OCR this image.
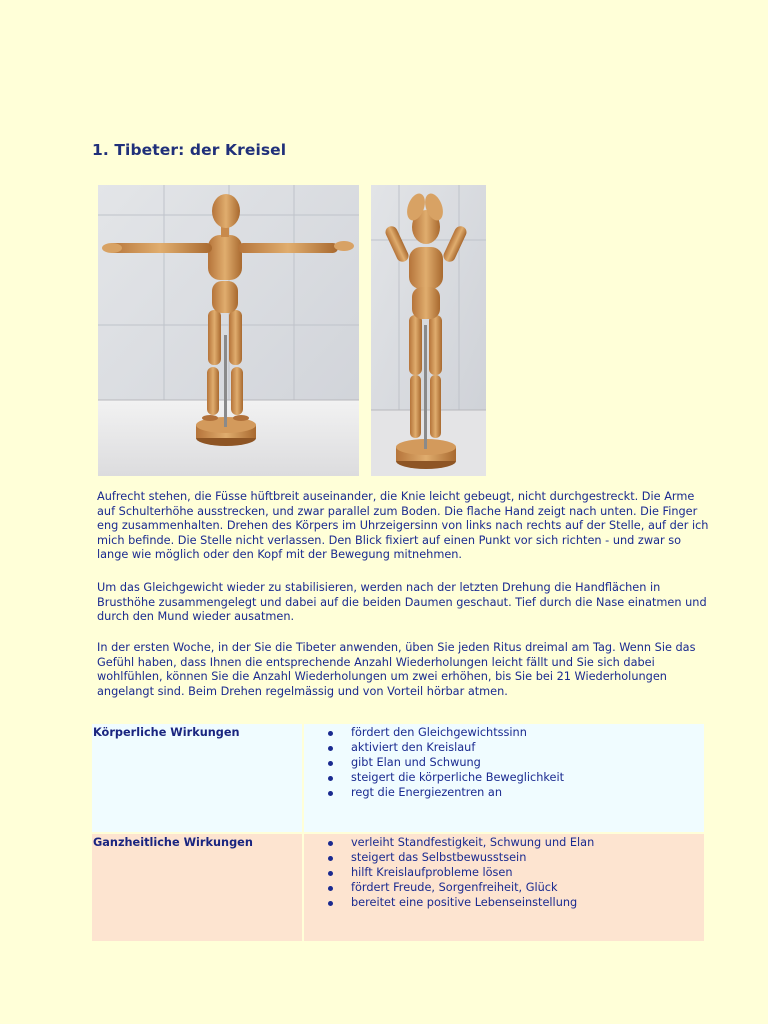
1. Tibeter: der Kreisel

Aufrecht stehen, die Füsse hüftbreit auseinander, die Knie leicht gebeugt, nicht durchgestreckt. Die Arme auf Schulterhöhe ausstrecken, und zwar parallel zum Boden. Die flache Hand zeigt nach unten. Die Finger eng zusammenhalten. Drehen des Körpers im Uhrzeigersinn von links nach rechts auf der Stelle, auf der ich mich befinde. Die Stelle nicht verlassen. Den Blick fixiert auf einen Punkt vor sich richten - und zwar so lange wie möglich oder den Kopf mit der Bewegung mitnehmen.

Um das Gleichgewicht wieder zu stabilisieren, werden nach der letzten Drehung die Handflächen in Brusthöhe zusammengelegt und dabei auf die beiden Daumen geschaut. Tief durch die Nase einatmen und durch den Mund wieder ausatmen.

In der ersten Woche, in der Sie die Tibeter anwenden, üben Sie jeden Ritus dreimal am Tag. Wenn Sie das Gefühl haben, dass Ihnen die entsprechende Anzahl Wiederholungen leicht fällt und Sie sich dabei wohlfühlen, können Sie die Anzahl Wiederholungen um zwei erhöhen, bis Sie bei 21 Wiederholungen angelangt sind. Beim Drehen regelmässig und von Vorteil hörbar atmen.

Körperliche Wirkungen	fördert den Gleichgewichtssinn
aktiviert den Kreislauf
gibt Elan und Schwung
steigert die körperliche Beweglichkeit
regt die Energiezentren an
Ganzheitliche Wirkungen	verleiht Standfestigkeit, Schwung und Elan
steigert das Selbstbewusstsein
hilft Kreislaufprobleme lösen
fördert Freude, Sorgenfreiheit, Glück
bereitet eine positive Lebenseinstellung
